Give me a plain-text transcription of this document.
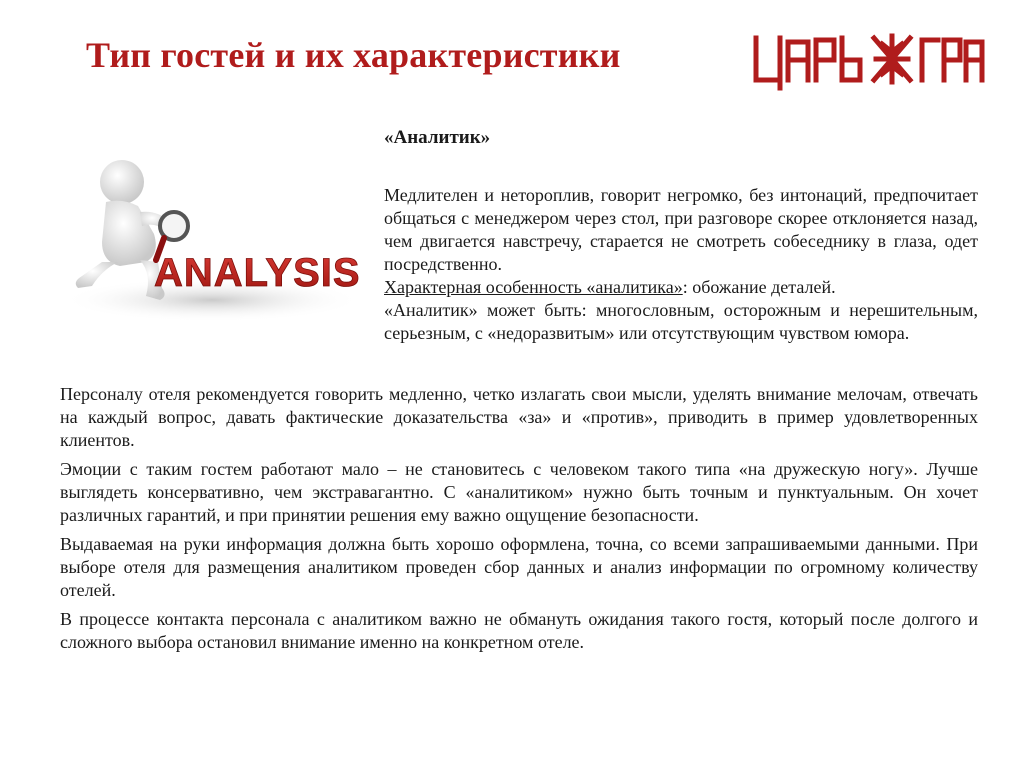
Тип гостей и их характеристики
ЦАРЬ ГРАД
ANALYSIS
«Аналитик»

Медлителен и нетороплив, говорит негромко, без интонаций, предпочитает общаться с менеджером через стол, при разговоре скорее отклоняется назад, чем двигается навстречу, старается не смотреть собеседнику в глаза, одет посредственно.

Характерная особенность «аналитика»: обожание деталей.

«Аналитик» может быть: многословным, осторожным и нерешительным, серьезным, с «недоразвитым» или отсутствующим чувством юмора.

Персоналу отеля рекомендуется говорить медленно, четко излагать свои мысли, уделять внимание мелочам, отвечать на каждый вопрос, давать фактические доказательства «за» и «против», приводить в пример удовлетворенных клиентов.

Эмоции с таким гостем работают мало – не становитесь с человеком такого типа «на дружескую ногу». Лучше выглядеть консервативно, чем экстравагантно. С «аналитиком» нужно быть точным и пунктуальным. Он хочет различных гарантий, и при принятии решения ему важно ощущение безопасности.

Выдаваемая на руки информация должна быть хорошо оформлена, точна, со всеми запрашиваемыми данными. При выборе отеля для размещения аналитиком проведен сбор данных и анализ информации по огромному количеству отелей.

В процессе контакта персонала с аналитиком важно не обмануть ожидания такого гостя, который после долгого и сложного выбора остановил внимание именно на конкретном отеле.
